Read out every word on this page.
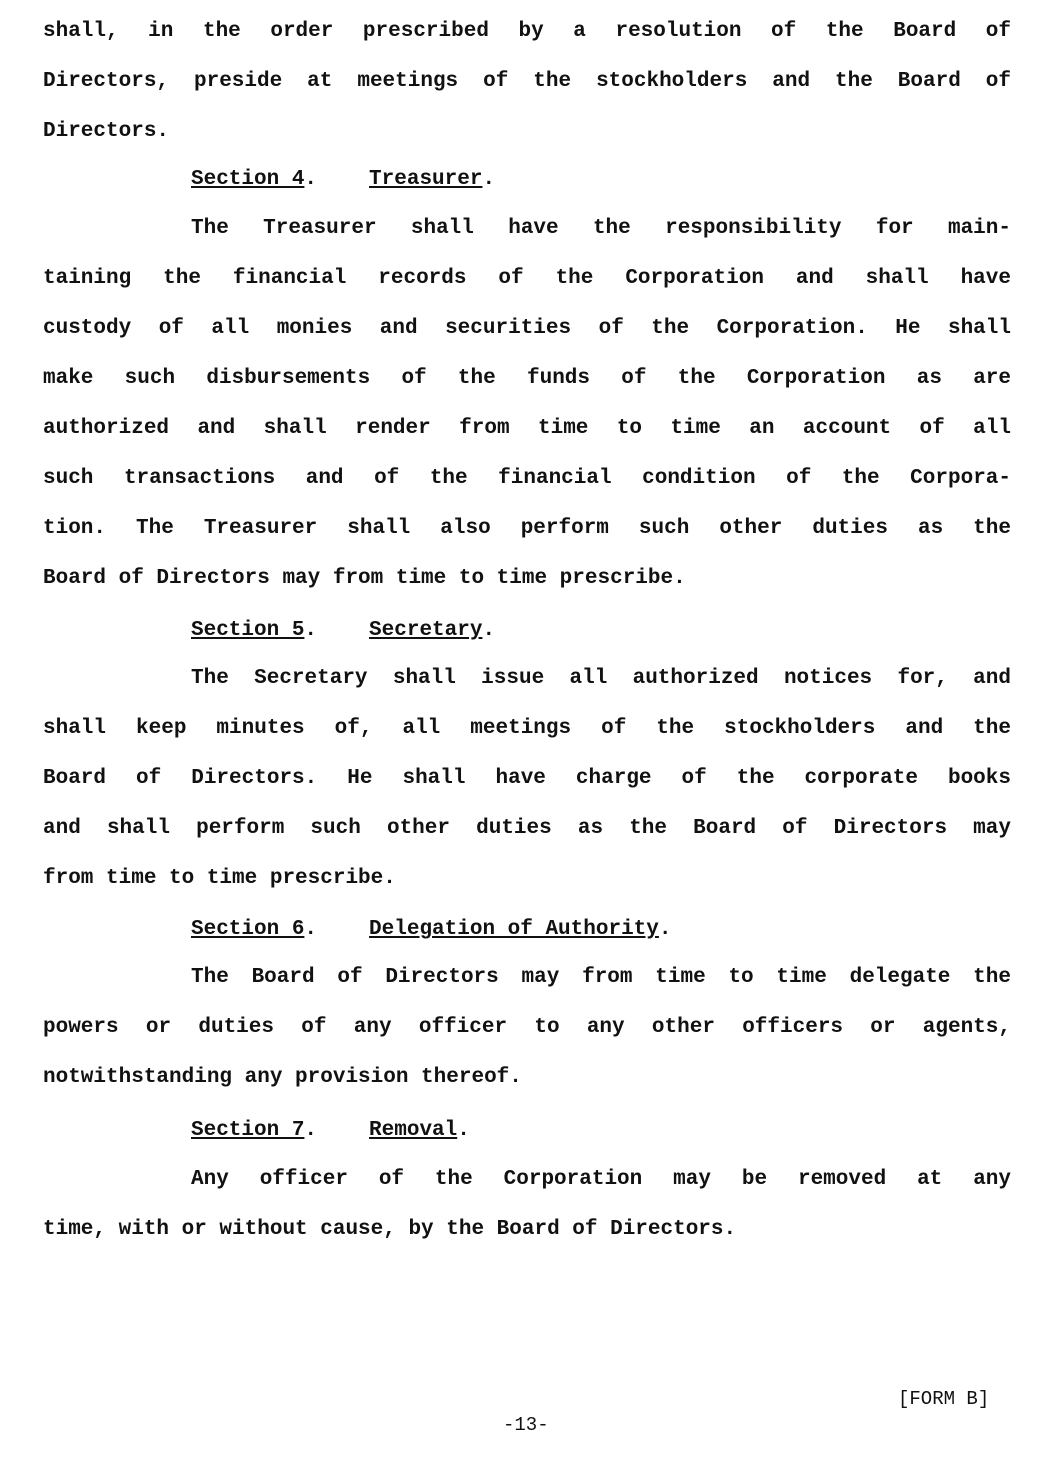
shall, in the order prescribed by a resolution of the Board of
Directors, preside at meetings of the stockholders and the Board of
Directors.
Section 4. Treasurer.
The Treasurer shall have the responsibility for main-
taining the financial records of the Corporation and shall have
custody of all monies and securities of the Corporation. He shall
make such disbursements of the funds of the Corporation as are
authorized and shall render from time to time an account of all
such transactions and of the financial condition of the Corpora-
tion. The Treasurer shall also perform such other duties as the
Board of Directors may from time to time prescribe.
Section 5. Secretary.
The Secretary shall issue all authorized notices for, and
shall keep minutes of, all meetings of the stockholders and the
Board of Directors. He shall have charge of the corporate books
and shall perform such other duties as the Board of Directors may
from time to time prescribe.
Section 6. Delegation of Authority.
The Board of Directors may from time to time delegate the
powers or duties of any officer to any other officers or agents,
notwithstanding any provision thereof.
Section 7. Removal.
Any officer of the Corporation may be removed at any
time, with or without cause, by the Board of Directors.
[FORM B]
-13-
